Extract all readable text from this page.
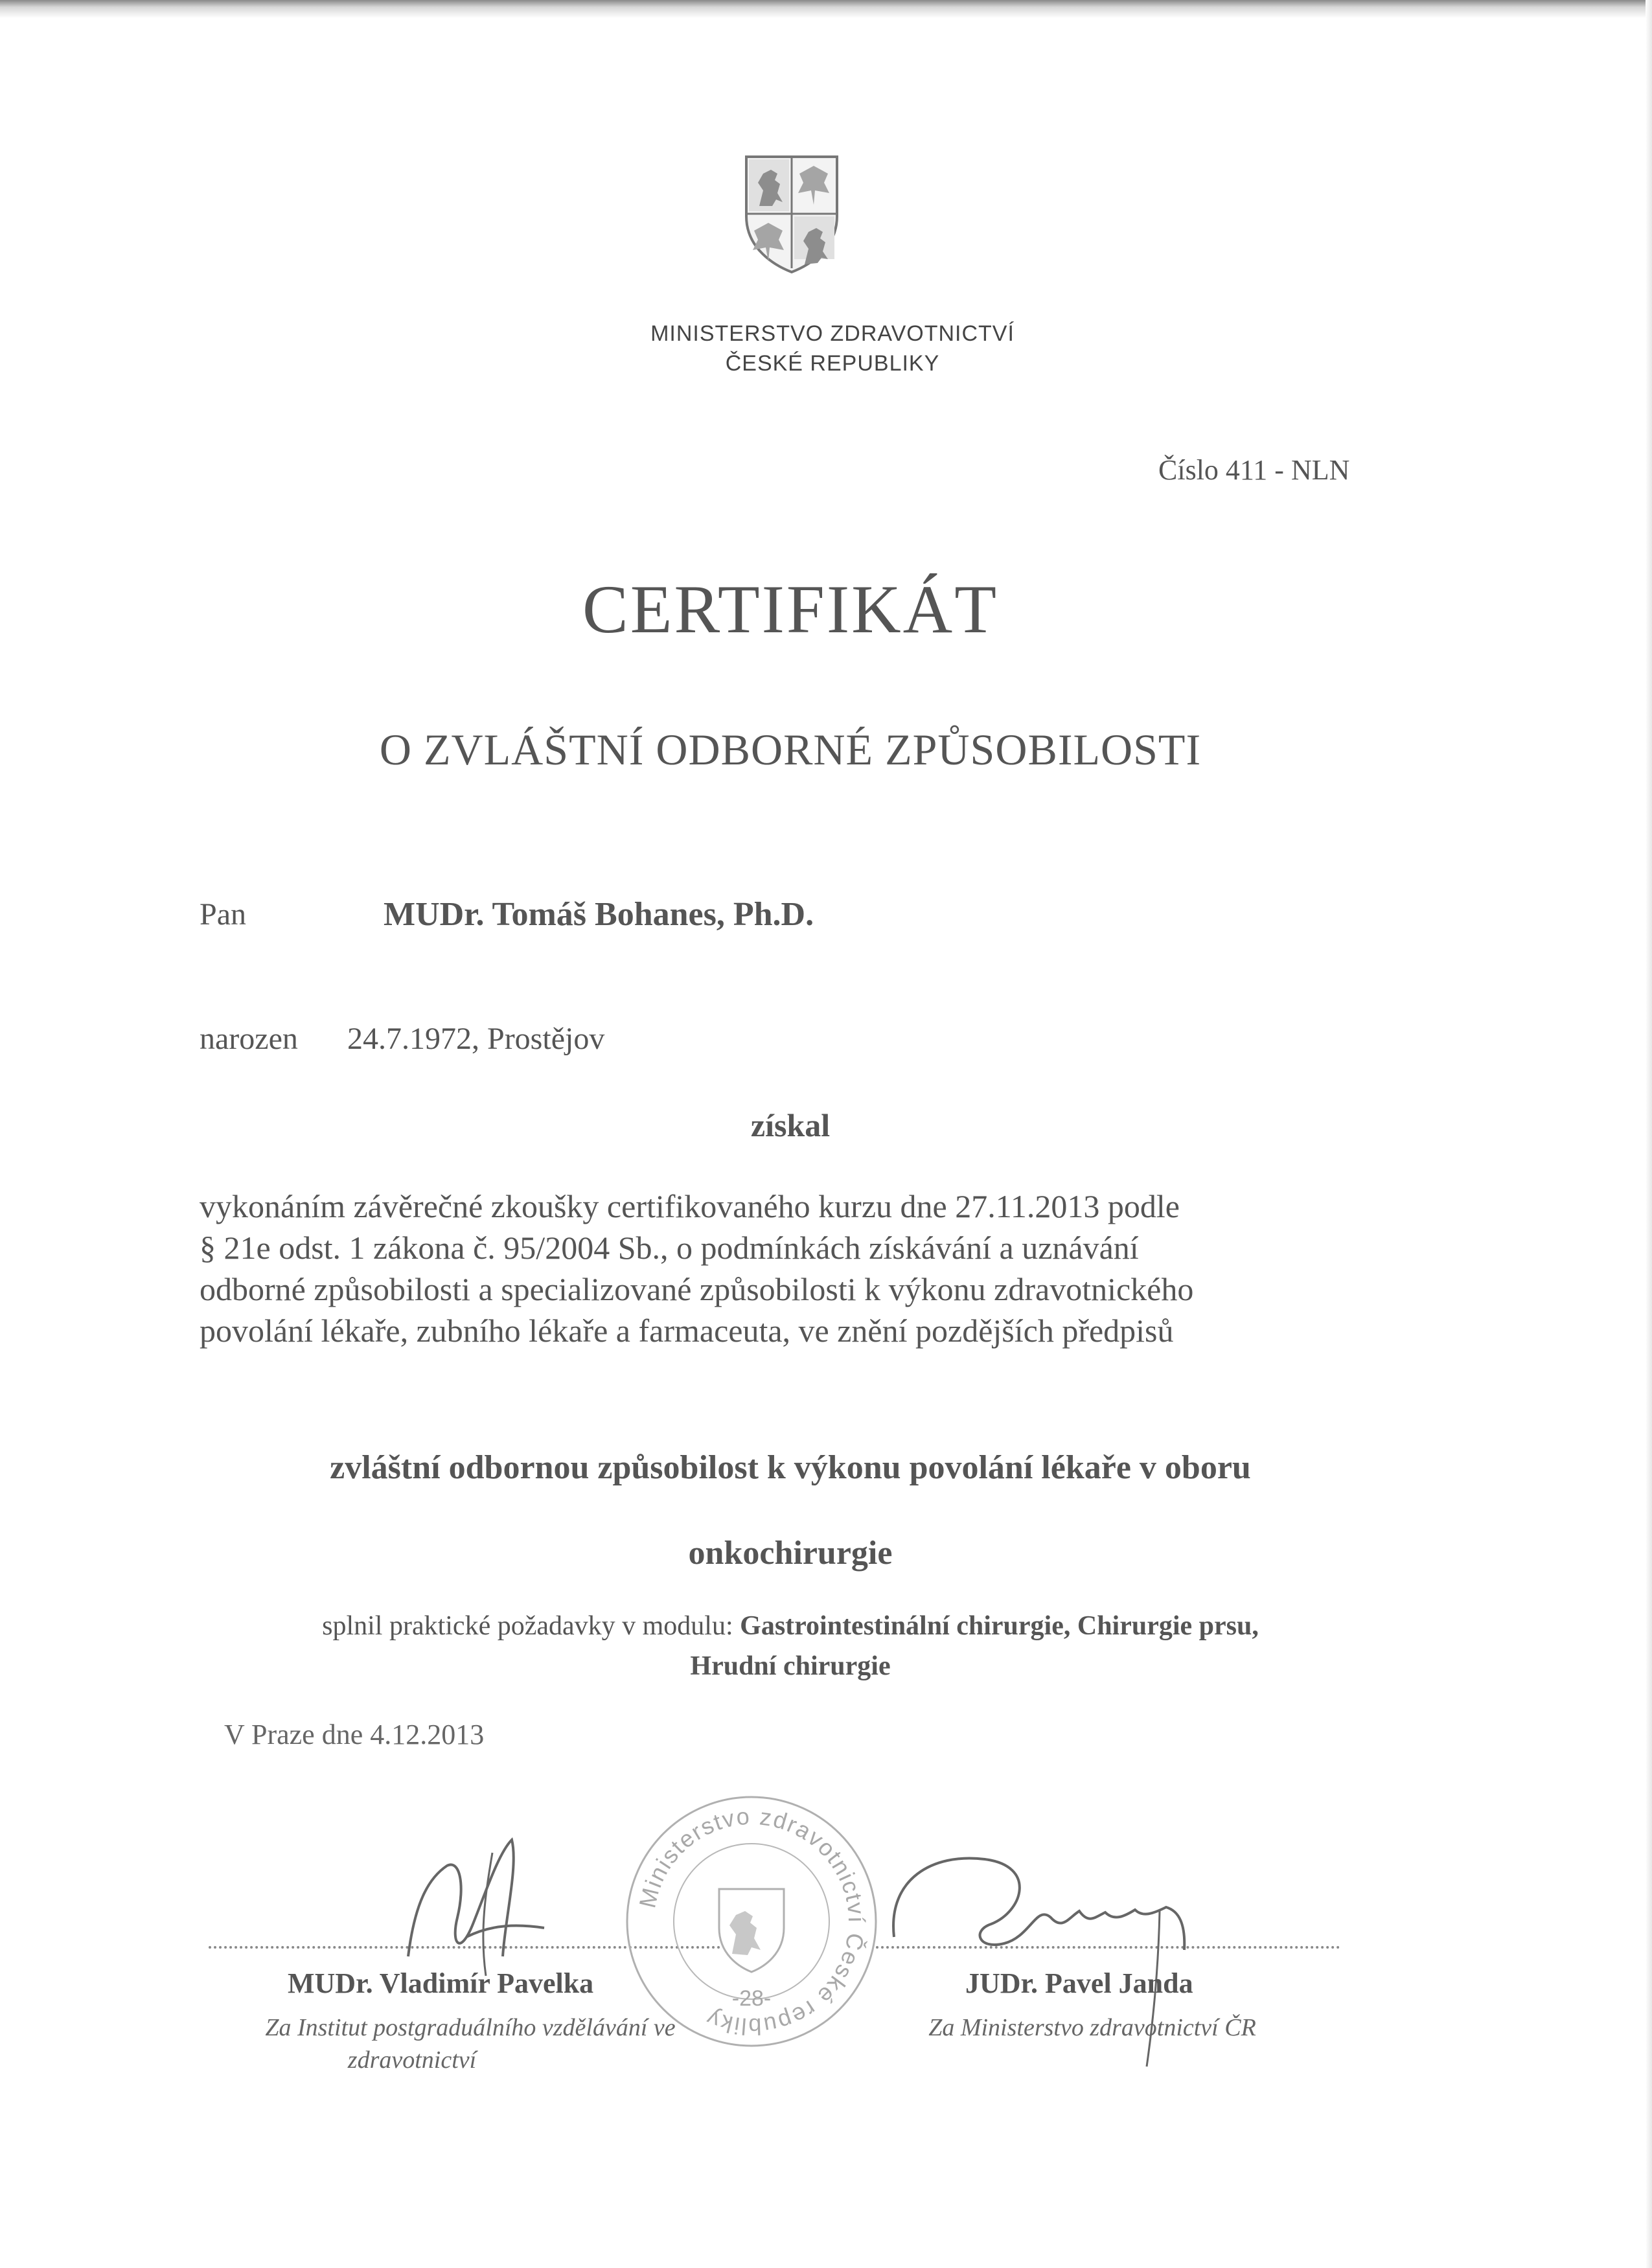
MINISTERSTVO ZDRAVOTNICTVÍ
ČESKÉ REPUBLIKY
Číslo 411 - NLN
CERTIFIKÁT
O ZVLÁŠTNÍ ODBORNÉ ZPŮSOBILOSTI
Pan	MUDr. Tomáš Bohanes, Ph.D.
narozen 24.7.1972, Prostějov
získal
vykonáním závěrečné zkoušky certifikovaného kurzu dne 27.11.2013 podle
§ 21e odst. 1 zákona č. 95/2004 Sb., o podmínkách získávání a uznávání
odborné způsobilosti a specializované způsobilosti k výkonu zdravotnického
povolání lékaře, zubního lékaře a farmaceuta, ve znění pozdějších předpisů
zvláštní odbornou způsobilost k výkonu povolání lékaře v oboru
onkochirurgie
splnil praktické požadavky v modulu: Gastrointestinální chirurgie, Chirurgie prsu,
Hrudní chirurgie
V Praze dne 4.12.2013
Ministerstvo zdravotnictví České republiky
-28-
MUDr. Vladimír Pavelka	JUDr. Pavel Janda
Za Institut postgraduálního vzdělávání ve
zdravotnictví
Za Ministerstvo zdravotnictví ČR
